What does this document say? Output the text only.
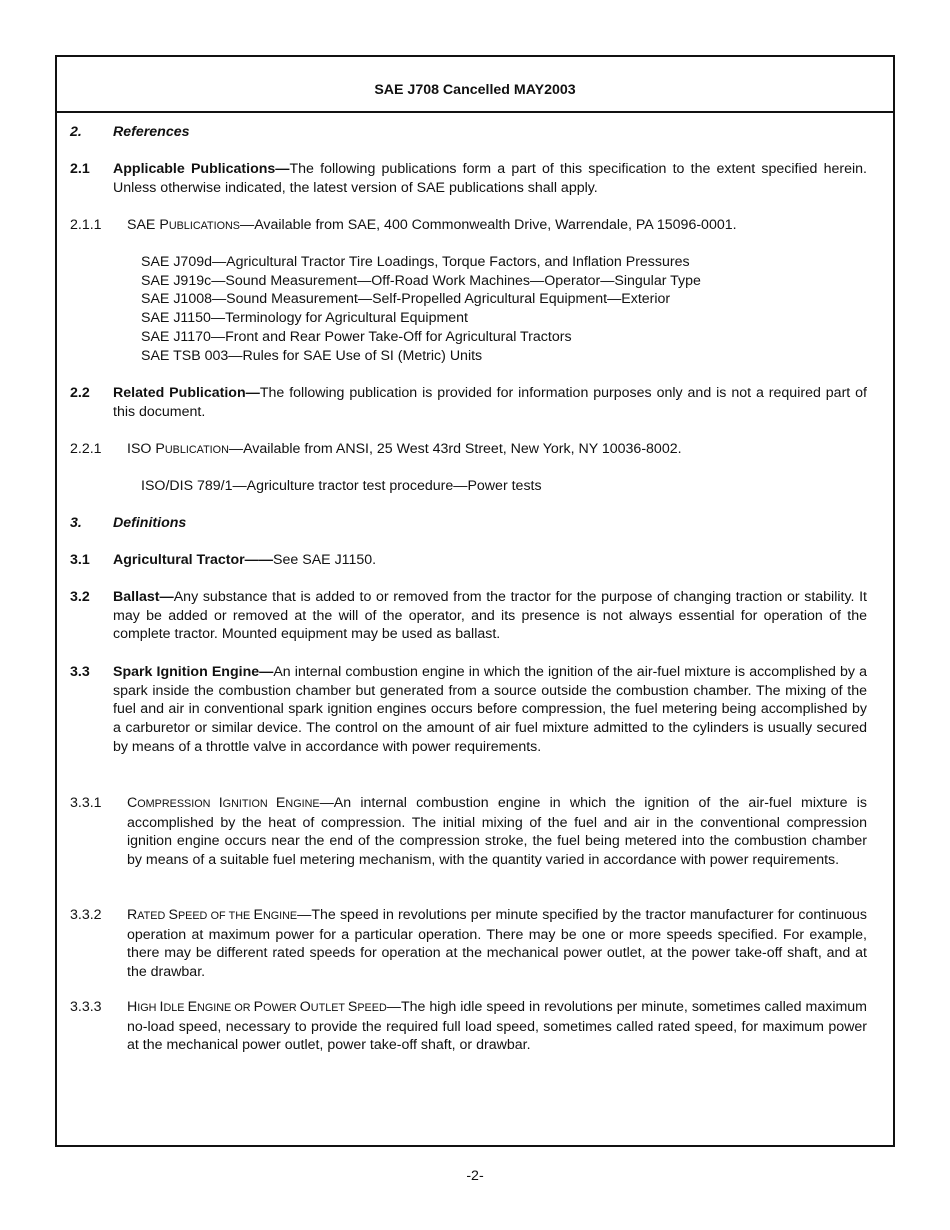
SAE J708 Cancelled MAY2003
2. References
2.1 Applicable Publications—The following publications form a part of this specification to the extent specified herein. Unless otherwise indicated, the latest version of SAE publications shall apply.
2.1.1 SAE PUBLICATIONS—Available from SAE, 400 Commonwealth Drive, Warrendale, PA 15096-0001.
SAE J709d—Agricultural Tractor Tire Loadings, Torque Factors, and Inflation Pressures
SAE J919c—Sound Measurement—Off-Road Work Machines—Operator—Singular Type
SAE J1008—Sound Measurement—Self-Propelled Agricultural Equipment—Exterior
SAE J1150—Terminology for Agricultural Equipment
SAE J1170—Front and Rear Power Take-Off for Agricultural Tractors
SAE TSB 003—Rules for SAE Use of SI (Metric) Units
2.2 Related Publication—The following publication is provided for information purposes only and is not a required part of this document.
2.2.1 ISO PUBLICATION—Available from ANSI, 25 West 43rd Street, New York, NY 10036-8002.
ISO/DIS 789/1—Agriculture tractor test procedure—Power tests
3. Definitions
3.1 Agricultural Tractor——See SAE J1150.
3.2 Ballast—Any substance that is added to or removed from the tractor for the purpose of changing traction or stability. It may be added or removed at the will of the operator, and its presence is not always essential for operation of the complete tractor. Mounted equipment may be used as ballast.
3.3 Spark Ignition Engine—An internal combustion engine in which the ignition of the air-fuel mixture is accomplished by a spark inside the combustion chamber but generated from a source outside the combustion chamber. The mixing of the fuel and air in conventional spark ignition engines occurs before compression, the fuel metering being accomplished by a carburetor or similar device. The control on the amount of air fuel mixture admitted to the cylinders is usually secured by means of a throttle valve in accordance with power requirements.
3.3.1 COMPRESSION IGNITION ENGINE—An internal combustion engine in which the ignition of the air-fuel mixture is accomplished by the heat of compression. The initial mixing of the fuel and air in the conventional compression ignition engine occurs near the end of the compression stroke, the fuel being metered into the combustion chamber by means of a suitable fuel metering mechanism, with the quantity varied in accordance with power requirements.
3.3.2 RATED SPEED OF THE ENGINE—The speed in revolutions per minute specified by the tractor manufacturer for continuous operation at maximum power for a particular operation. There may be one or more speeds specified. For example, there may be different rated speeds for operation at the mechanical power outlet, at the power take-off shaft, and at the drawbar.
3.3.3 HIGH IDLE ENGINE OR POWER OUTLET SPEED—The high idle speed in revolutions per minute, sometimes called maximum no-load speed, necessary to provide the required full load speed, sometimes called rated speed, for maximum power at the mechanical power outlet, power take-off shaft, or drawbar.
-2-
